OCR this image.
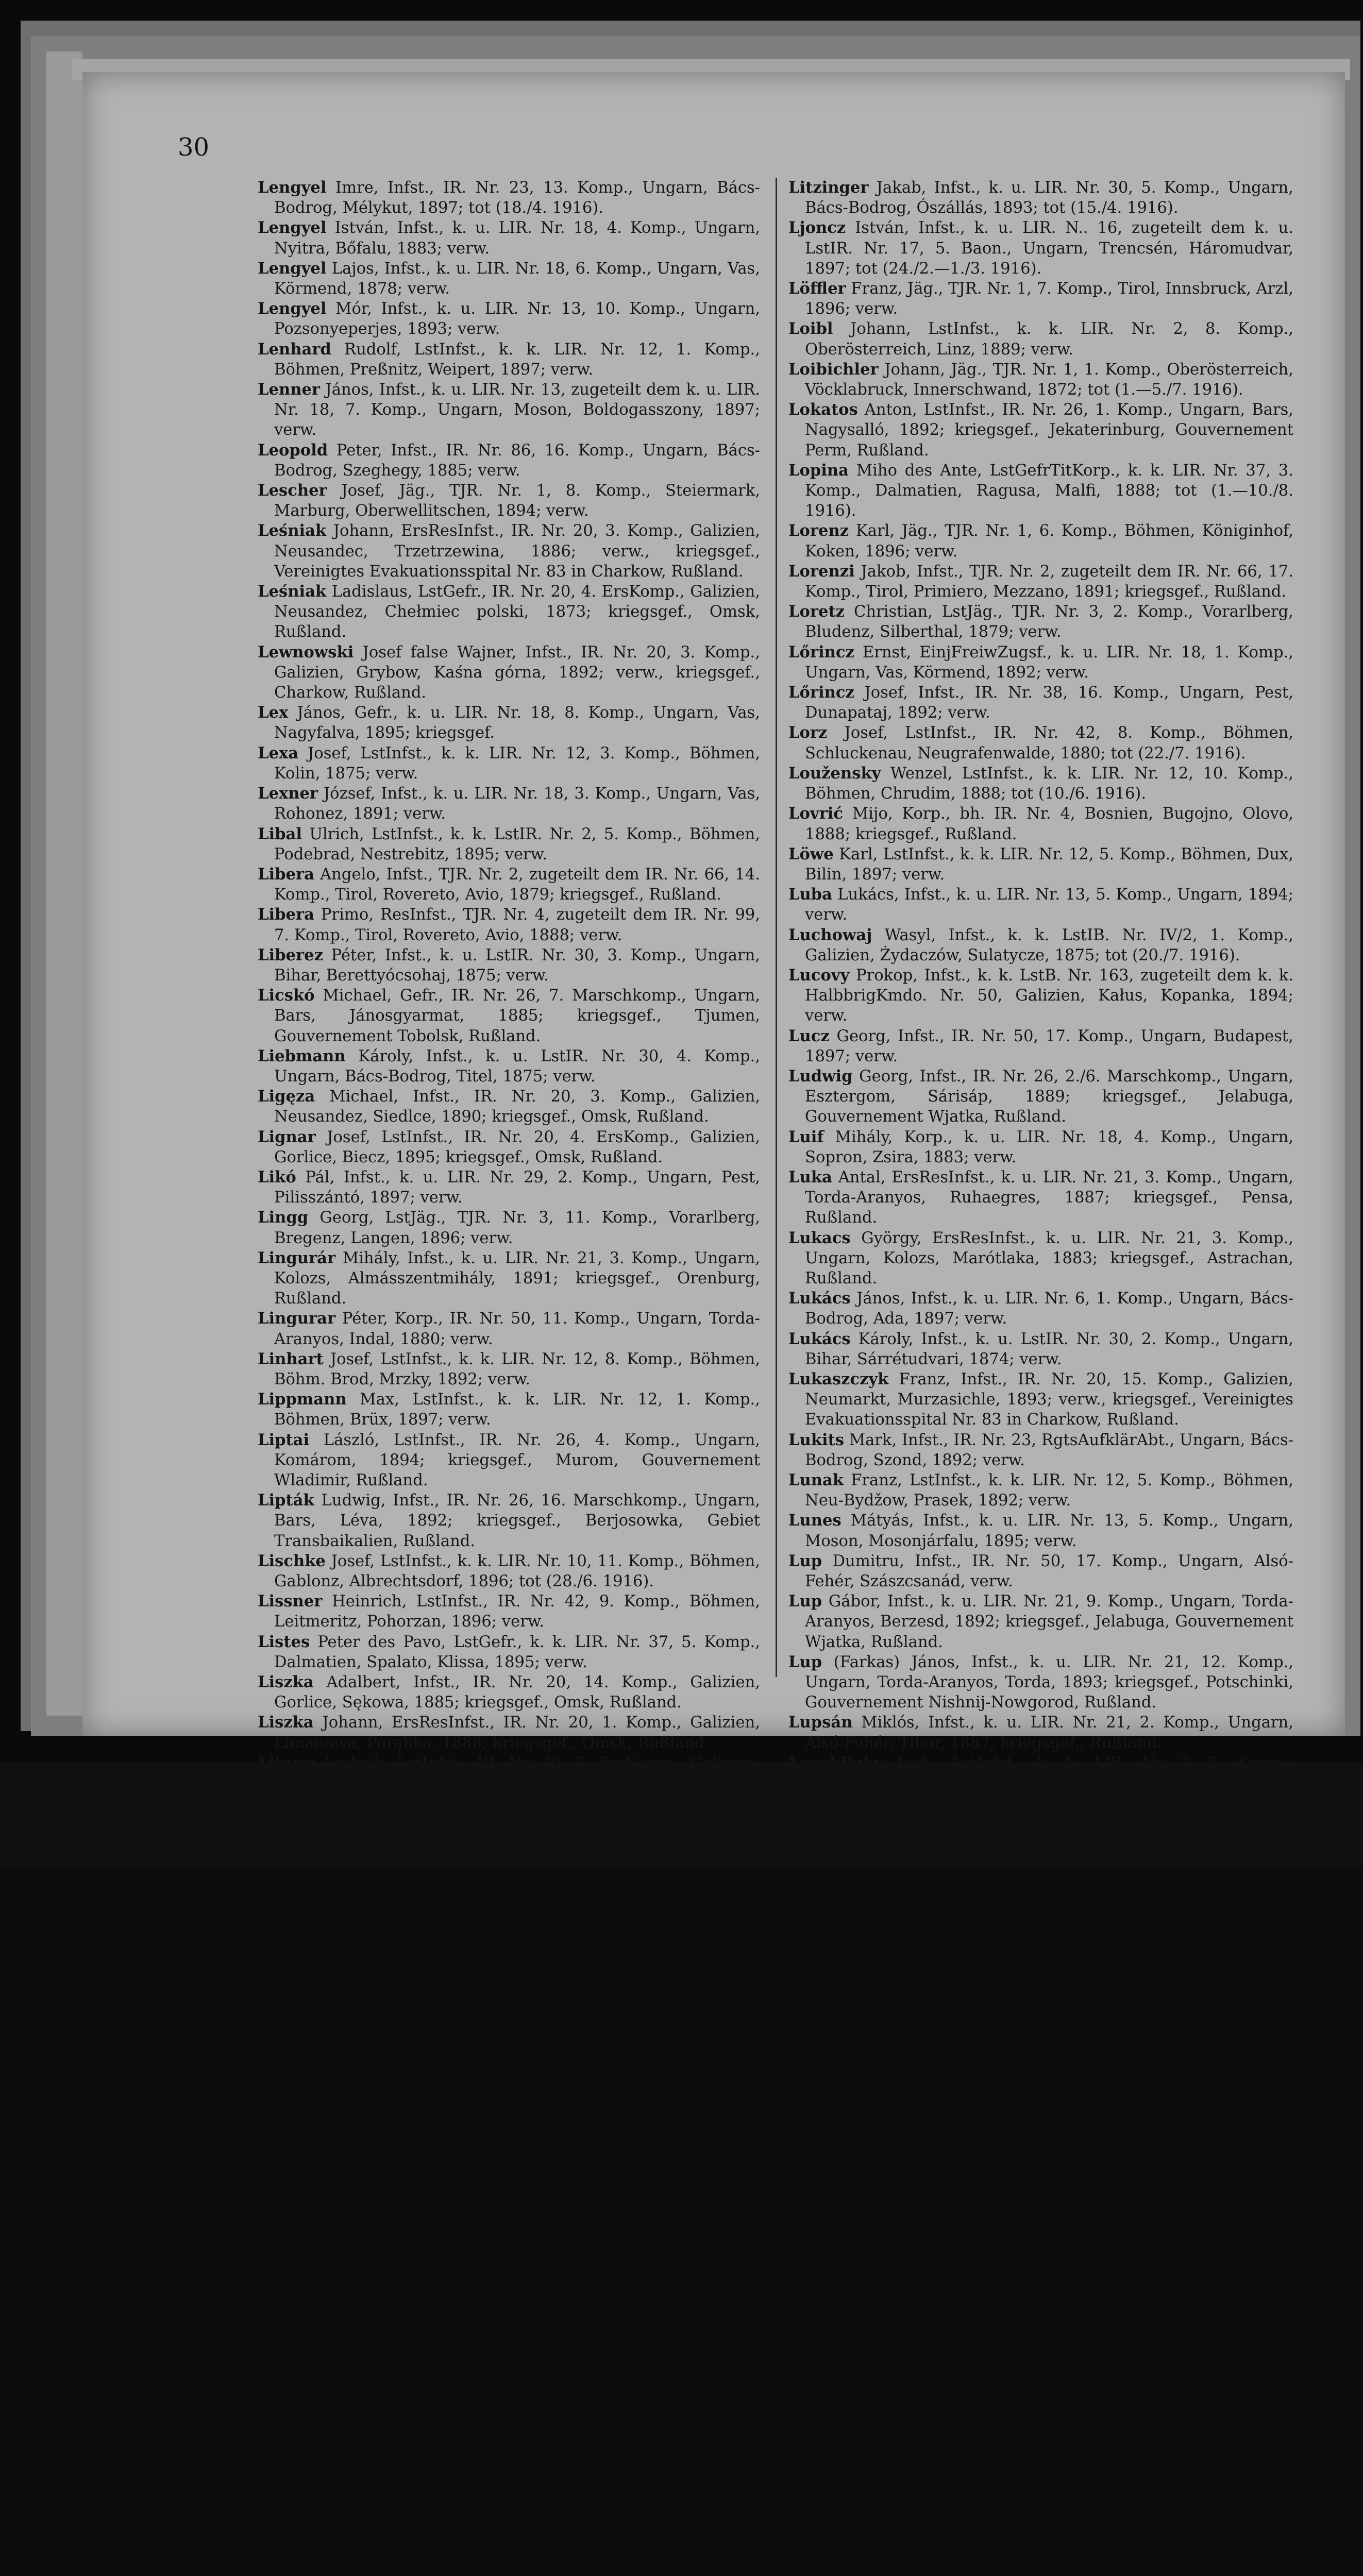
30
Lengyel Imre, Infst., IR. Nr. 23, 13. Komp., Ungarn, Bács-Bodrog, Mélykut, 1897; tot (18./4. 1916).
Lengyel István, Infst., k. u. LIR. Nr. 18, 4. Komp., Ungarn, Nyitra, Bőfalu, 1883; verw.
Lengyel Lajos, Infst., k. u. LIR. Nr. 18, 6. Komp., Ungarn, Vas, Körmend, 1878; verw.
Lengyel Mór, Infst., k. u. LIR. Nr. 13, 10. Komp., Ungarn, Pozsonyeperjes, 1893; verw.
Lenhard Rudolf, LstInfst., k. k. LIR. Nr. 12, 1. Komp., Böhmen, Preßnitz, Weipert, 1897; verw.
Lenner János, Infst., k. u. LIR. Nr. 13, zugeteilt dem k. u. LIR. Nr. 18, 7. Komp., Ungarn, Moson, Boldogasszony, 1897; verw.
Leopold Peter, Infst., IR. Nr. 86, 16. Komp., Ungarn, Bács-Bodrog, Szeghegy, 1885; verw.
Lescher Josef, Jäg., TJR. Nr. 1, 8. Komp., Steiermark, Marburg, Oberwellitschen, 1894; verw.
Leśniak Johann, ErsResInfst., IR. Nr. 20, 3. Komp., Galizien, Neusandec, Trzetrzewina, 1886; verw., kriegsgef., Vereinigtes Evakuationsspital Nr. 83 in Charkow, Rußland.
Leśniak Ladislaus, LstGefr., IR. Nr. 20, 4. ErsKomp., Galizien, Neusandez, Chełmiec polski, 1873; kriegsgef., Omsk, Rußland.
Lewnowski Josef false Wajner, Infst., IR. Nr. 20, 3. Komp., Galizien, Grybow, Kaśna górna, 1892; verw., kriegsgef., Charkow, Rußland.
Lex János, Gefr., k. u. LIR. Nr. 18, 8. Komp., Ungarn, Vas, Nagyfalva, 1895; kriegsgef.
Lexa Josef, LstInfst., k. k. LIR. Nr. 12, 3. Komp., Böhmen, Kolin, 1875; verw.
Lexner József, Infst., k. u. LIR. Nr. 18, 3. Komp., Ungarn, Vas, Rohonez, 1891; verw.
Libal Ulrich, LstInfst., k. k. LstIR. Nr. 2, 5. Komp., Böhmen, Podebrad, Nestrebitz, 1895; verw.
Libera Angelo, Infst., TJR. Nr. 2, zugeteilt dem IR. Nr. 66, 14. Komp., Tirol, Rovereto, Avio, 1879; kriegsgef., Rußland.
Libera Primo, ResInfst., TJR. Nr. 4, zugeteilt dem IR. Nr. 99, 7. Komp., Tirol, Rovereto, Avio, 1888; verw.
Liberez Péter, Infst., k. u. LstIR. Nr. 30, 3. Komp., Ungarn, Bihar, Berettyócsohaj, 1875; verw.
Licskó Michael, Gefr., IR. Nr. 26, 7. Marschkomp., Ungarn, Bars, Jánosgyarmat, 1885; kriegsgef., Tjumen, Gouvernement Tobolsk, Rußland.
Liebmann Károly, Infst., k. u. LstIR. Nr. 30, 4. Komp., Ungarn, Bács-Bodrog, Titel, 1875; verw.
Ligęza Michael, Infst., IR. Nr. 20, 3. Komp., Galizien, Neusandez, Siedlce, 1890; kriegsgef., Omsk, Rußland.
Lignar Josef, LstInfst., IR. Nr. 20, 4. ErsKomp., Galizien, Gorlice, Biecz, 1895; kriegsgef., Omsk, Rußland.
Likó Pál, Infst., k. u. LIR. Nr. 29, 2. Komp., Ungarn, Pest, Pilisszántó, 1897; verw.
Lingg Georg, LstJäg., TJR. Nr. 3, 11. Komp., Vorarlberg, Bregenz, Langen, 1896; verw.
Lingurár Mihály, Infst., k. u. LIR. Nr. 21, 3. Komp., Ungarn, Kolozs, Almásszentmihály, 1891; kriegsgef., Orenburg, Rußland.
Lingurar Péter, Korp., IR. Nr. 50, 11. Komp., Ungarn, Torda-Aranyos, Indal, 1880; verw.
Linhart Josef, LstInfst., k. k. LIR. Nr. 12, 8. Komp., Böhmen, Böhm. Brod, Mrzky, 1892; verw.
Lippmann Max, LstInfst., k. k. LIR. Nr. 12, 1. Komp., Böhmen, Brüx, 1897; verw.
Liptai László, LstInfst., IR. Nr. 26, 4. Komp., Ungarn, Komárom, 1894; kriegsgef., Murom, Gouvernement Wladimir, Rußland.
Lipták Ludwig, Infst., IR. Nr. 26, 16. Marschkomp., Ungarn, Bars, Léva, 1892; kriegsgef., Berjosowka, Gebiet Transbaikalien, Rußland.
Lischke Josef, LstInfst., k. k. LIR. Nr. 10, 11. Komp., Böhmen, Gablonz, Albrechtsdorf, 1896; tot (28./6. 1916).
Lissner Heinrich, LstInfst., IR. Nr. 42, 9. Komp., Böhmen, Leitmeritz, Pohorzan, 1896; verw.
Listes Peter des Pavo, LstGefr., k. k. LIR. Nr. 37, 5. Komp., Dalmatien, Spalato, Klissa, 1895; verw.
Liszka Adalbert, Infst., IR. Nr. 20, 14. Komp., Galizien, Gorlice, Sękowa, 1885; kriegsgef., Omsk, Rußland.
Liszka Johann, ErsResInfst., IR. Nr. 20, 1. Komp., Galizien, Limanowa, Porąbka, 1888; kriegsgef., Omsk, Rußland.
Litzinger Jakab, Infst., k. u. LIR. Nr. 30, 5. Komp., Ungarn, Bács-Bodrog, Ószállás, 1893; tot (15./4. 1916).
Ljoncz István, Infst., k. u. LIR. N.. 16, zugeteilt dem k. u. LstIR. Nr. 17, 5. Baon., Ungarn, Trencsén, Háromudvar, 1897; tot (24./2.—1./3. 1916).
Löffler Franz, Jäg., TJR. Nr. 1, 7. Komp., Tirol, Innsbruck, Arzl, 1896; verw.
Loibl Johann, LstInfst., k. k. LIR. Nr. 2, 8. Komp., Oberösterreich, Linz, 1889; verw.
Loibichler Johann, Jäg., TJR. Nr. 1, 1. Komp., Oberösterreich, Vöcklabruck, Innerschwand, 1872; tot (1.—5./7. 1916).
Lokatos Anton, LstInfst., IR. Nr. 26, 1. Komp., Ungarn, Bars, Nagysalló, 1892; kriegsgef., Jekaterinburg, Gouvernement Perm, Rußland.
Lopina Miho des Ante, LstGefrTitKorp., k. k. LIR. Nr. 37, 3. Komp., Dalmatien, Ragusa, Malfi, 1888; tot (1.—10./8. 1916).
Lorenz Karl, Jäg., TJR. Nr. 1, 6. Komp., Böhmen, Königinhof, Koken, 1896; verw.
Lorenzi Jakob, Infst., TJR. Nr. 2, zugeteilt dem IR. Nr. 66, 17. Komp., Tirol, Primiero, Mezzano, 1891; kriegsgef., Rußland.
Loretz Christian, LstJäg., TJR. Nr. 3, 2. Komp., Vorarlberg, Bludenz, Silberthal, 1879; verw.
Lőrincz Ernst, EinjFreiwZugsf., k. u. LIR. Nr. 18, 1. Komp., Ungarn, Vas, Körmend, 1892; verw.
Lőrincz Josef, Infst., IR. Nr. 38, 16. Komp., Ungarn, Pest, Dunapataj, 1892; verw.
Lorz Josef, LstInfst., IR. Nr. 42, 8. Komp., Böhmen, Schluckenau, Neugrafenwalde, 1880; tot (22./7. 1916).
Loužensky Wenzel, LstInfst., k. k. LIR. Nr. 12, 10. Komp., Böhmen, Chrudim, 1888; tot (10./6. 1916).
Lovrić Mijo, Korp., bh. IR. Nr. 4, Bosnien, Bugojno, Olovo, 1888; kriegsgef., Rußland.
Löwe Karl, LstInfst., k. k. LIR. Nr. 12, 5. Komp., Böhmen, Dux, Bilin, 1897; verw.
Luba Lukács, Infst., k. u. LIR. Nr. 13, 5. Komp., Ungarn, 1894; verw.
Luchowaj Wasyl, Infst., k. k. LstIB. Nr. IV/2, 1. Komp., Galizien, Żydaczów, Sulatycze, 1875; tot (20./7. 1916).
Lucovy Prokop, Infst., k. k. LstB. Nr. 163, zugeteilt dem k. k. HalbbrigKmdo. Nr. 50, Galizien, Kałus, Kopanka, 1894; verw.
Lucz Georg, Infst., IR. Nr. 50, 17. Komp., Ungarn, Budapest, 1897; verw.
Ludwig Georg, Infst., IR. Nr. 26, 2./6. Marschkomp., Ungarn, Esztergom, Sárisáp, 1889; kriegsgef., Jelabuga, Gouvernement Wjatka, Rußland.
Luif Mihály, Korp., k. u. LIR. Nr. 18, 4. Komp., Ungarn, Sopron, Zsira, 1883; verw.
Luka Antal, ErsResInfst., k. u. LIR. Nr. 21, 3. Komp., Ungarn, Torda-Aranyos, Ruhaegres, 1887; kriegsgef., Pensa, Rußland.
Lukacs György, ErsResInfst., k. u. LIR. Nr. 21, 3. Komp., Ungarn, Kolozs, Marótlaka, 1883; kriegsgef., Astrachan, Rußland.
Lukács János, Infst., k. u. LIR. Nr. 6, 1. Komp., Ungarn, Bács-Bodrog, Ada, 1897; verw.
Lukács Károly, Infst., k. u. LstIR. Nr. 30, 2. Komp., Ungarn, Bihar, Sárrétudvari, 1874; verw.
Lukaszczyk Franz, Infst., IR. Nr. 20, 15. Komp., Galizien, Neumarkt, Murzasichle, 1893; verw., kriegsgef., Vereinigtes Evakuationsspital Nr. 83 in Charkow, Rußland.
Lukits Mark, Infst., IR. Nr. 23, RgtsAufklärAbt., Ungarn, Bács-Bodrog, Szond, 1892; verw.
Lunak Franz, LstInfst., k. k. LIR. Nr. 12, 5. Komp., Böhmen, Neu-Bydžow, Prasek, 1892; verw.
Lunes Mátyás, Infst., k. u. LIR. Nr. 13, 5. Komp., Ungarn, Moson, Mosonjárfalu, 1895; verw.
Lup Dumitru, Infst., IR. Nr. 50, 17. Komp., Ungarn, Alsó-Fehér, Szászcsanád, verw.
Lup Gábor, Infst., k. u. LIR. Nr. 21, 9. Komp., Ungarn, Torda-Aranyos, Berzesd, 1892; kriegsgef., Jelabuga, Gouvernement Wjatka, Rußland.
Lup (Farkas) János, Infst., k. u. LIR. Nr. 21, 12. Komp., Ungarn, Torda-Aranyos, Torda, 1893; kriegsgef., Potschinki, Gouvernement Nishnij-Nowgorod, Rußland.
Lupsán Miklós, Infst., k. u. LIR. Nr. 21, 2. Komp., Ungarn, Alsó-Fehér, Tibor, 1887; kriegsgef., Rußland.
